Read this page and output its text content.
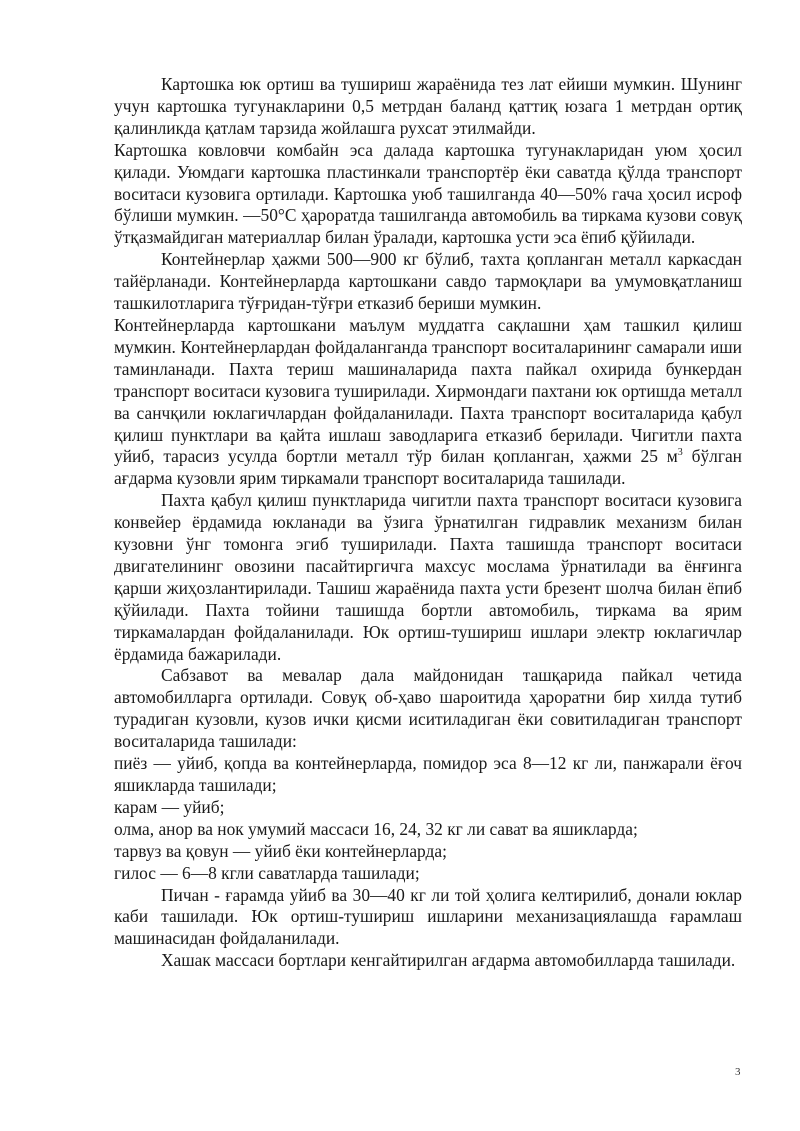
Картошка юк ортиш ва тушириш жараёнида тез лат ейиши мумкин. Шунинг учун картошка тугунакларини 0,5 метрдан баланд қаттиқ юзага 1 метрдан ортиқ қалинликда қатлам тарзида жойлашга рухсат этилмайди.

Картошка ковловчи комбайн эса далада картошка тугунакларидан уюм ҳосил қилади. Уюмдаги картошка пластинкали транспортёр ёки саватда қўлда транспорт воситаси кузовига ортилади. Картошка уюб ташилганда 40—50% гача ҳосил исроф бўлиши мумкин. —50°С ҳароратда ташилганда автомобиль ва тиркама кузови совуқ ўтқазмайдиган материаллар билан ўралади, картошка усти эса ёпиб қўйилади.

Контейнерлар ҳажми 500—900 кг бўлиб, тахта қопланган металл каркасдан тайёрланади. Контейнерларда картошкани савдо тармоқлари ва умумовқатланиш ташкилотларига тўғридан-тўғри етказиб бериши мумкин.

Контейнерларда картошкани маълум муддатга сақлашни ҳам ташкил қилиш мумкин. Контейнерлардан фойдаланганда транспорт воситаларининг самарали иши таминланади. Пахта териш машиналарида пахта пайкал охирида бункердан транспорт воситаси кузовига туширилади. Хирмондаги пахтани юк ортишда металл ва санчқили юклагичлардан фойдаланилади. Пахта транспорт воситаларида қабул қилиш пунктлари ва қайта ишлаш заводларига етказиб берилади. Чигитли пахта уйиб, тарасиз усулда бортли металл тўр билан қопланган, ҳажми 25 $м^3$ бўлган ағдарма кузовли ярим тиркамали транспорт воситаларида ташилади.

Пахта қабул қилиш пунктларида чигитли пахта транспорт воситаси кузовига конвейер ёрдамида юкланади ва ўзига ўрнатилган гидравлик механизм билан кузовни ўнг томонга эгиб туширилади. Пахта ташишда транспорт воситаси двигателининг овозини пасайтиргичга махсус мослама ўрнатилади ва ёнғинга қарши жиҳозлантирилади. Ташиш жараёнида пахта усти брезент шолча билан ёпиб қўйилади. Пахта тойини ташишда бортли автомобиль, тиркама ва ярим тиркамалардан фойдаланилади. Юк ортиш-тушириш ишлари электр юклагичлар ёрдамида бажарилади.

Сабзавот ва мевалар дала майдонидан ташқарида пайкал четида автомобилларга ортилади. Совуқ об-ҳаво шароитида ҳароратни бир хилда тутиб турадиган кузовли, кузов ички қисми иситиладиган ёки совитиладиган транспорт воситаларида ташилади:

пиёз — уйиб, қопда ва контейнерларда, помидор эса 8—12 кг ли, панжарали ёғоч яшикларда ташилади;

карам — уйиб;

олма, анор ва нок умумий массаси 16, 24, 32 кг ли сават ва яшикларда;

тарвуз ва қовун — уйиб ёки контейнерларда;

гилос — 6—8 кгли саватларда ташилади;

Пичан - ғарамда уйиб ва 30—40 кг ли той ҳолига келтирилиб, донали юклар каби ташилади. Юк ортиш-тушириш ишларини механизациялашда ғарамлаш машинасидан фойдаланилади.

Хашак массаси бортлари кенгайтирилган ағдарма автомобилларда ташилади.

3
